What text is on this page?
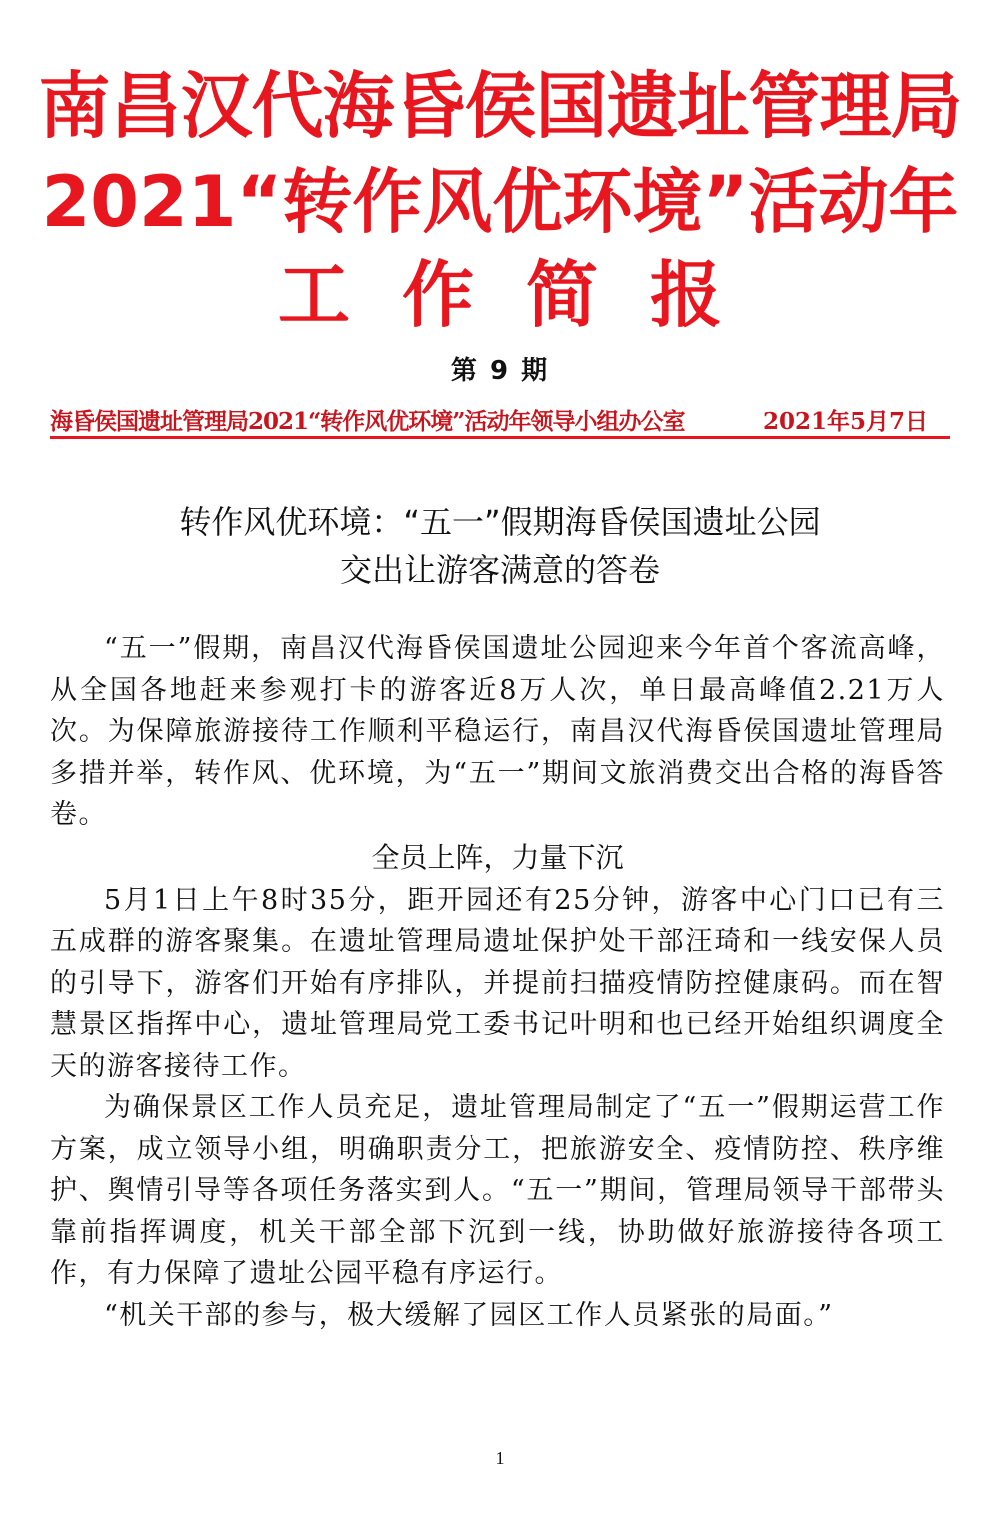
南昌汉代海昏侯国遗址管理局
2021“转作风优环境”活动年
工作简报
第 9 期
海昏侯国遗址管理局2021“转作风优环境”活动年领导小组办公室	2021年5月7日
转作风优环境：“五一”假期海昏侯国遗址公园
交出让游客满意的答卷

“五一”假期，南昌汉代海昏侯国遗址公园迎来今年首个客流高峰，从全国各地赶来参观打卡的游客近8万人次，单日最高峰值2.21万人次。为保障旅游接待工作顺利平稳运行，南昌汉代海昏侯国遗址管理局多措并举，转作风、优环境，为“五一”期间文旅消费交出合格的海昏答卷。

全员上阵，力量下沉

5月1日上午8时35分，距开园还有25分钟，游客中心门口已有三五成群的游客聚集。在遗址管理局遗址保护处干部汪琦和一线安保人员的引导下，游客们开始有序排队，并提前扫描疫情防控健康码。而在智慧景区指挥中心，遗址管理局党工委书记叶明和也已经开始组织调度全天的游客接待工作。

为确保景区工作人员充足，遗址管理局制定了“五一”假期运营工作方案，成立领导小组，明确职责分工，把旅游安全、疫情防控、秩序维护、舆情引导等各项任务落实到人。“五一”期间，管理局领导干部带头靠前指挥调度，机关干部全部下沉到一线，协助做好旅游接待各项工作，有力保障了遗址公园平稳有序运行。

“机关干部的参与，极大缓解了园区工作人员紧张的局面。”

1
